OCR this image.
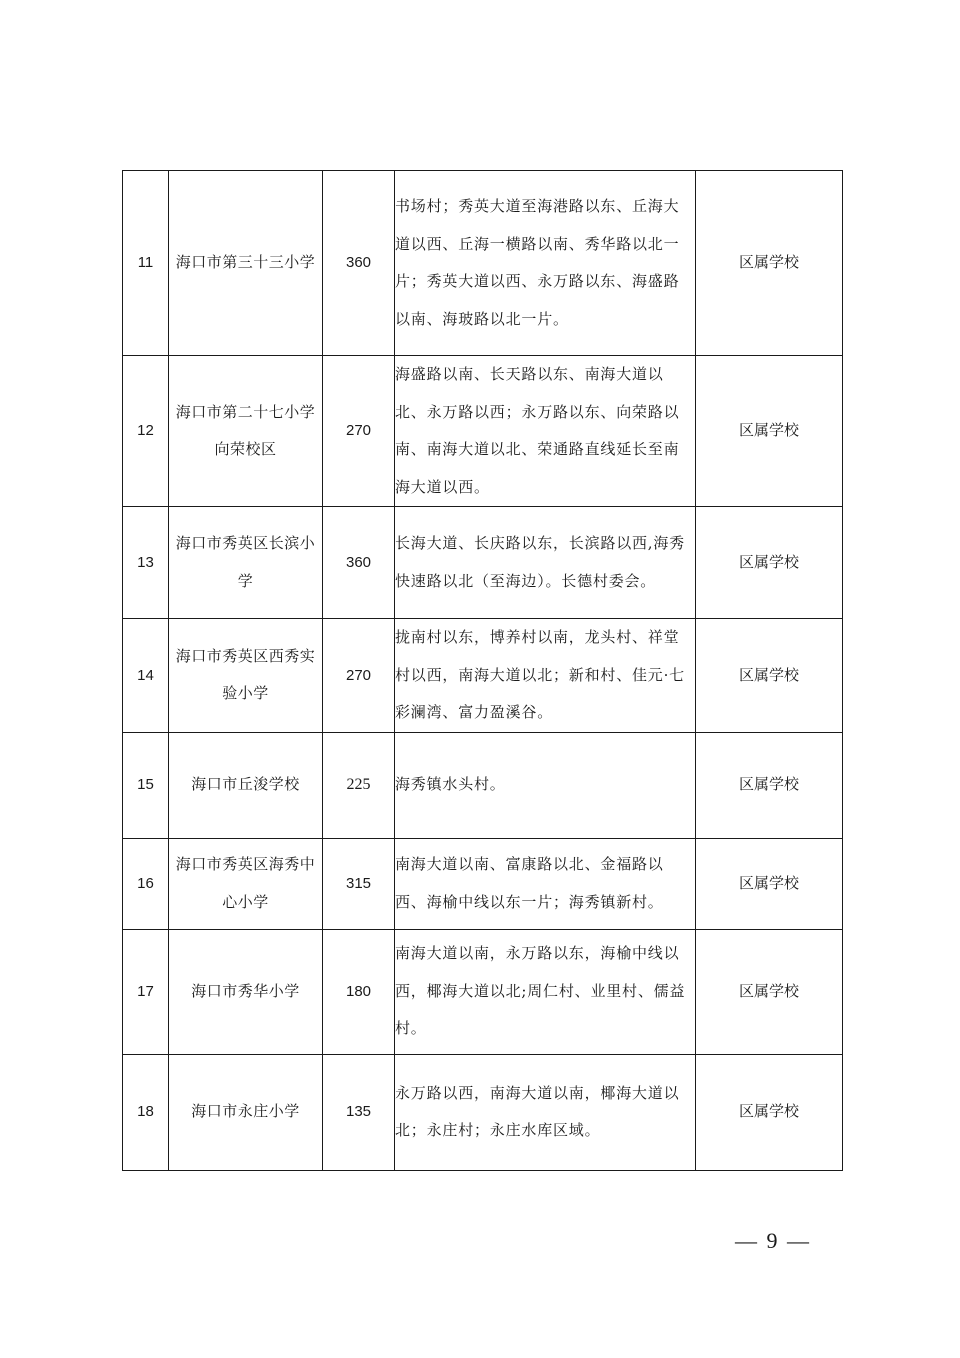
11	海口市第三十三小学	360	书场村；秀英大道至海港路以东、丘海大道以西、丘海一横路以南、秀华路以北一片；秀英大道以西、永万路以东、海盛路以南、海玻路以北一片。	区属学校
12	海口市第二十七小学向荣校区	270	海盛路以南、长天路以东、南海大道以北、永万路以西；永万路以东、向荣路以南、南海大道以北、荣通路直线延长至南海大道以西。	区属学校
13	海口市秀英区长滨小学	360	长海大道、长庆路以东，长滨路以西,海秀快速路以北（至海边）。长德村委会。	区属学校
14	海口市秀英区西秀实验小学	270	拢南村以东，博养村以南，龙头村、祥堂村以西，南海大道以北；新和村、佳元·七彩澜湾、富力盈溪谷。	区属学校
15	海口市丘浚学校	225	海秀镇水头村。	区属学校
16	海口市秀英区海秀中心小学	315	南海大道以南、富康路以北、金福路以西、海榆中线以东一片；海秀镇新村。	区属学校
17	海口市秀华小学	180	南海大道以南，永万路以东，海榆中线以西，椰海大道以北;周仁村、业里村、儒益村。	区属学校
18	海口市永庄小学	135	永万路以西，南海大道以南，椰海大道以北；永庄村；永庄水库区域。	区属学校
— 9 —
